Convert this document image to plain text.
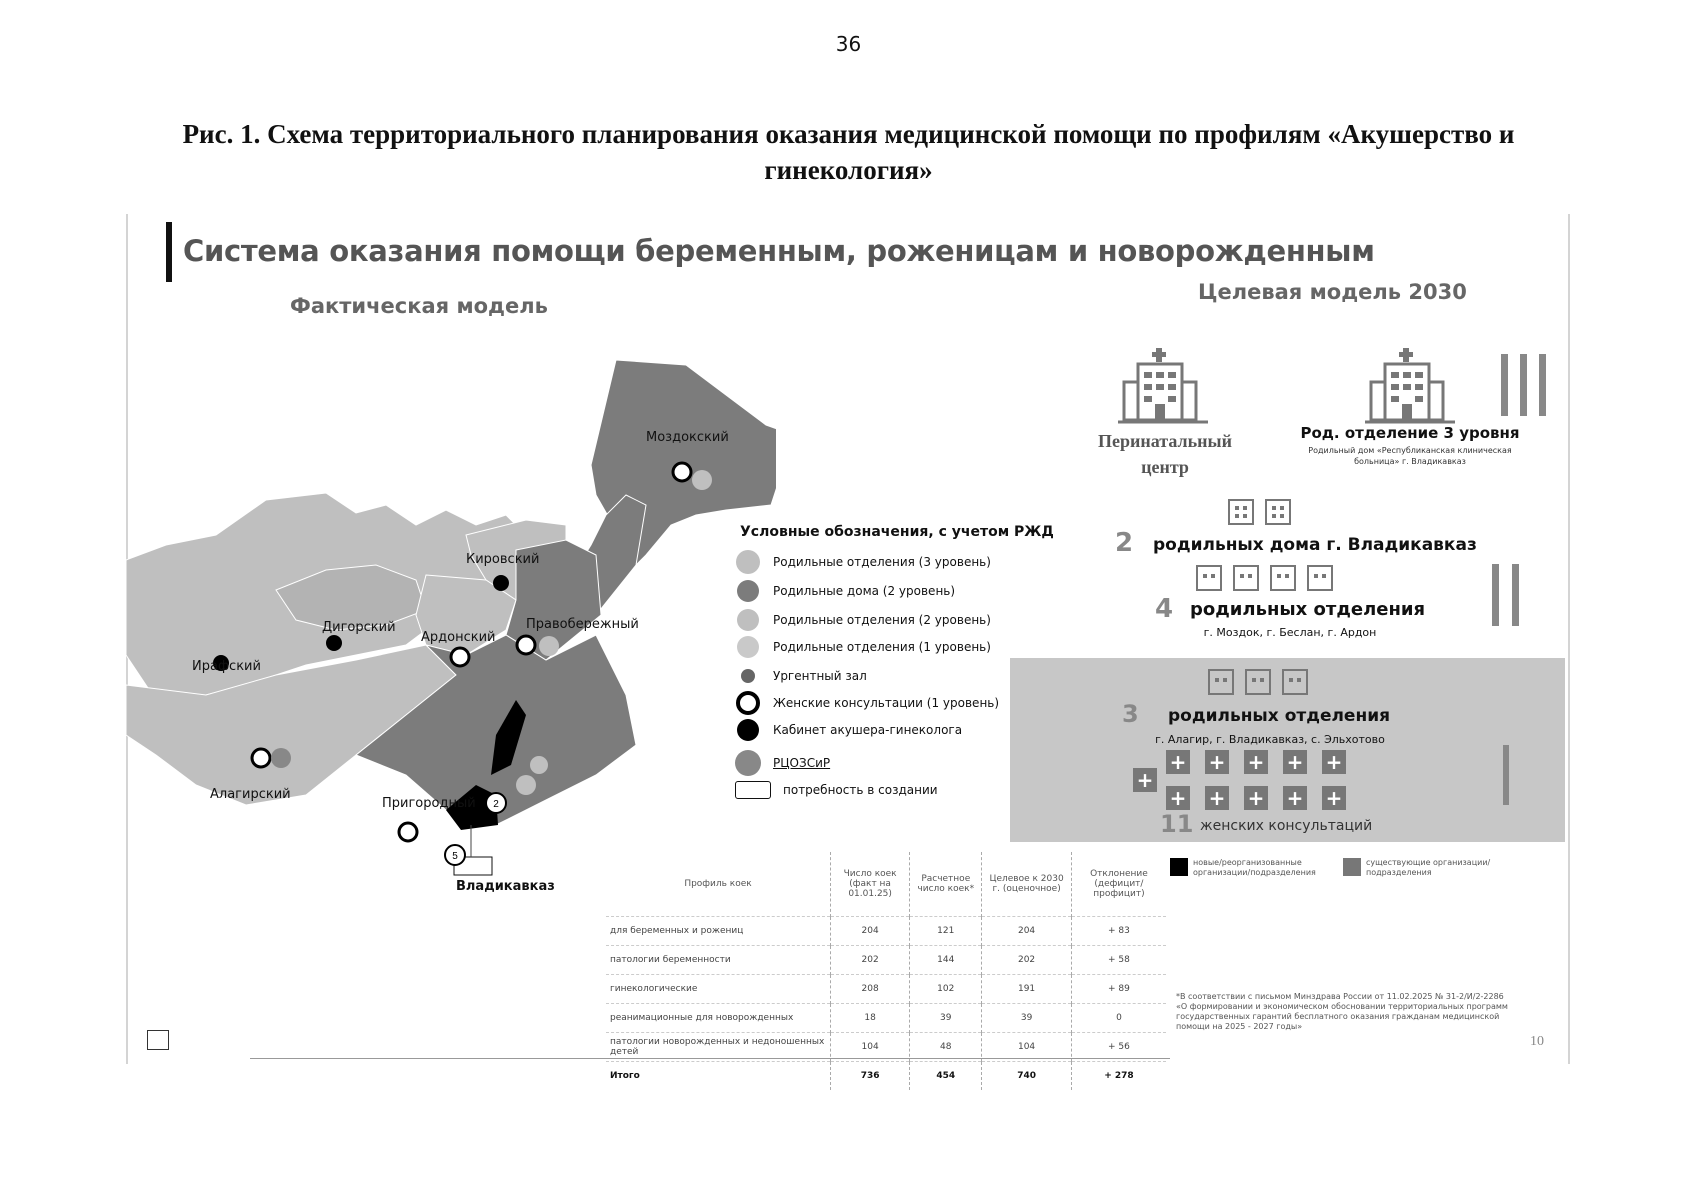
36
Рис. 1. Схема территориального планирования оказания медицинской помощи по профилям «Акушерство и гинекология»
Система оказания помощи беременным, роженицам и новорожденным
Фактическая модель
Целевая модель 2030
2
5
Моздокский
Кировский
Дигорский
Ардонский
Правобережный
Ирафский
Алагирский
Пригородный
Владикавказ
Условные обозначения, с учетом РЖД
Родильные отделения (3 уровень)
Родильные дома (2 уровень)
Родильные отделения (2 уровень)
Родильные отделения (1 уровень)
Ургентный зал
Женские консультации (1 уровень)
Кабинет акушера-гинеколога
РЦОЗСиР
потребность в создании
Перинатальный центр
Род. отделение 3 уровня
Родильный дом «Республиканская клиническая больница» г. Владикавказ
2 родильных дома г. Владикавказ
4 родильных отделения
г. Моздок, г. Беслан, г. Ардон
3 родильных отделения
г. Алагир, г. Владикавказ, с. Эльхотово
+
+ + + + +
+ + + + +
11 женских консультаций
Профиль коек	Число коек (факт на 01.01.25)	Расчетное число коек*	Целевое к 2030 г. (оценочное)	Отклонение (дефицит/ профицит)
для беременных и рожениц	204	121	204	+ 83
патологии беременности	202	144	202	+ 58
гинекологические	208	102	191	+ 89
реанимационные для новорожденных	18	39	39	0
патологии новорожденных и недоношенных детей	104	48	104	+ 56
Итого	736	454	740	+ 278
новые/реорганизованные организации/подразделения
существующие организации/подразделения
*В соответствии с письмом Минздрава России от 11.02.2025 № 31-2/И/2-2286 «О формировании и экономическом обосновании территориальных программ государственных гарантий бесплатного оказания гражданам медицинской помощи на 2025 - 2027 годы»
10
